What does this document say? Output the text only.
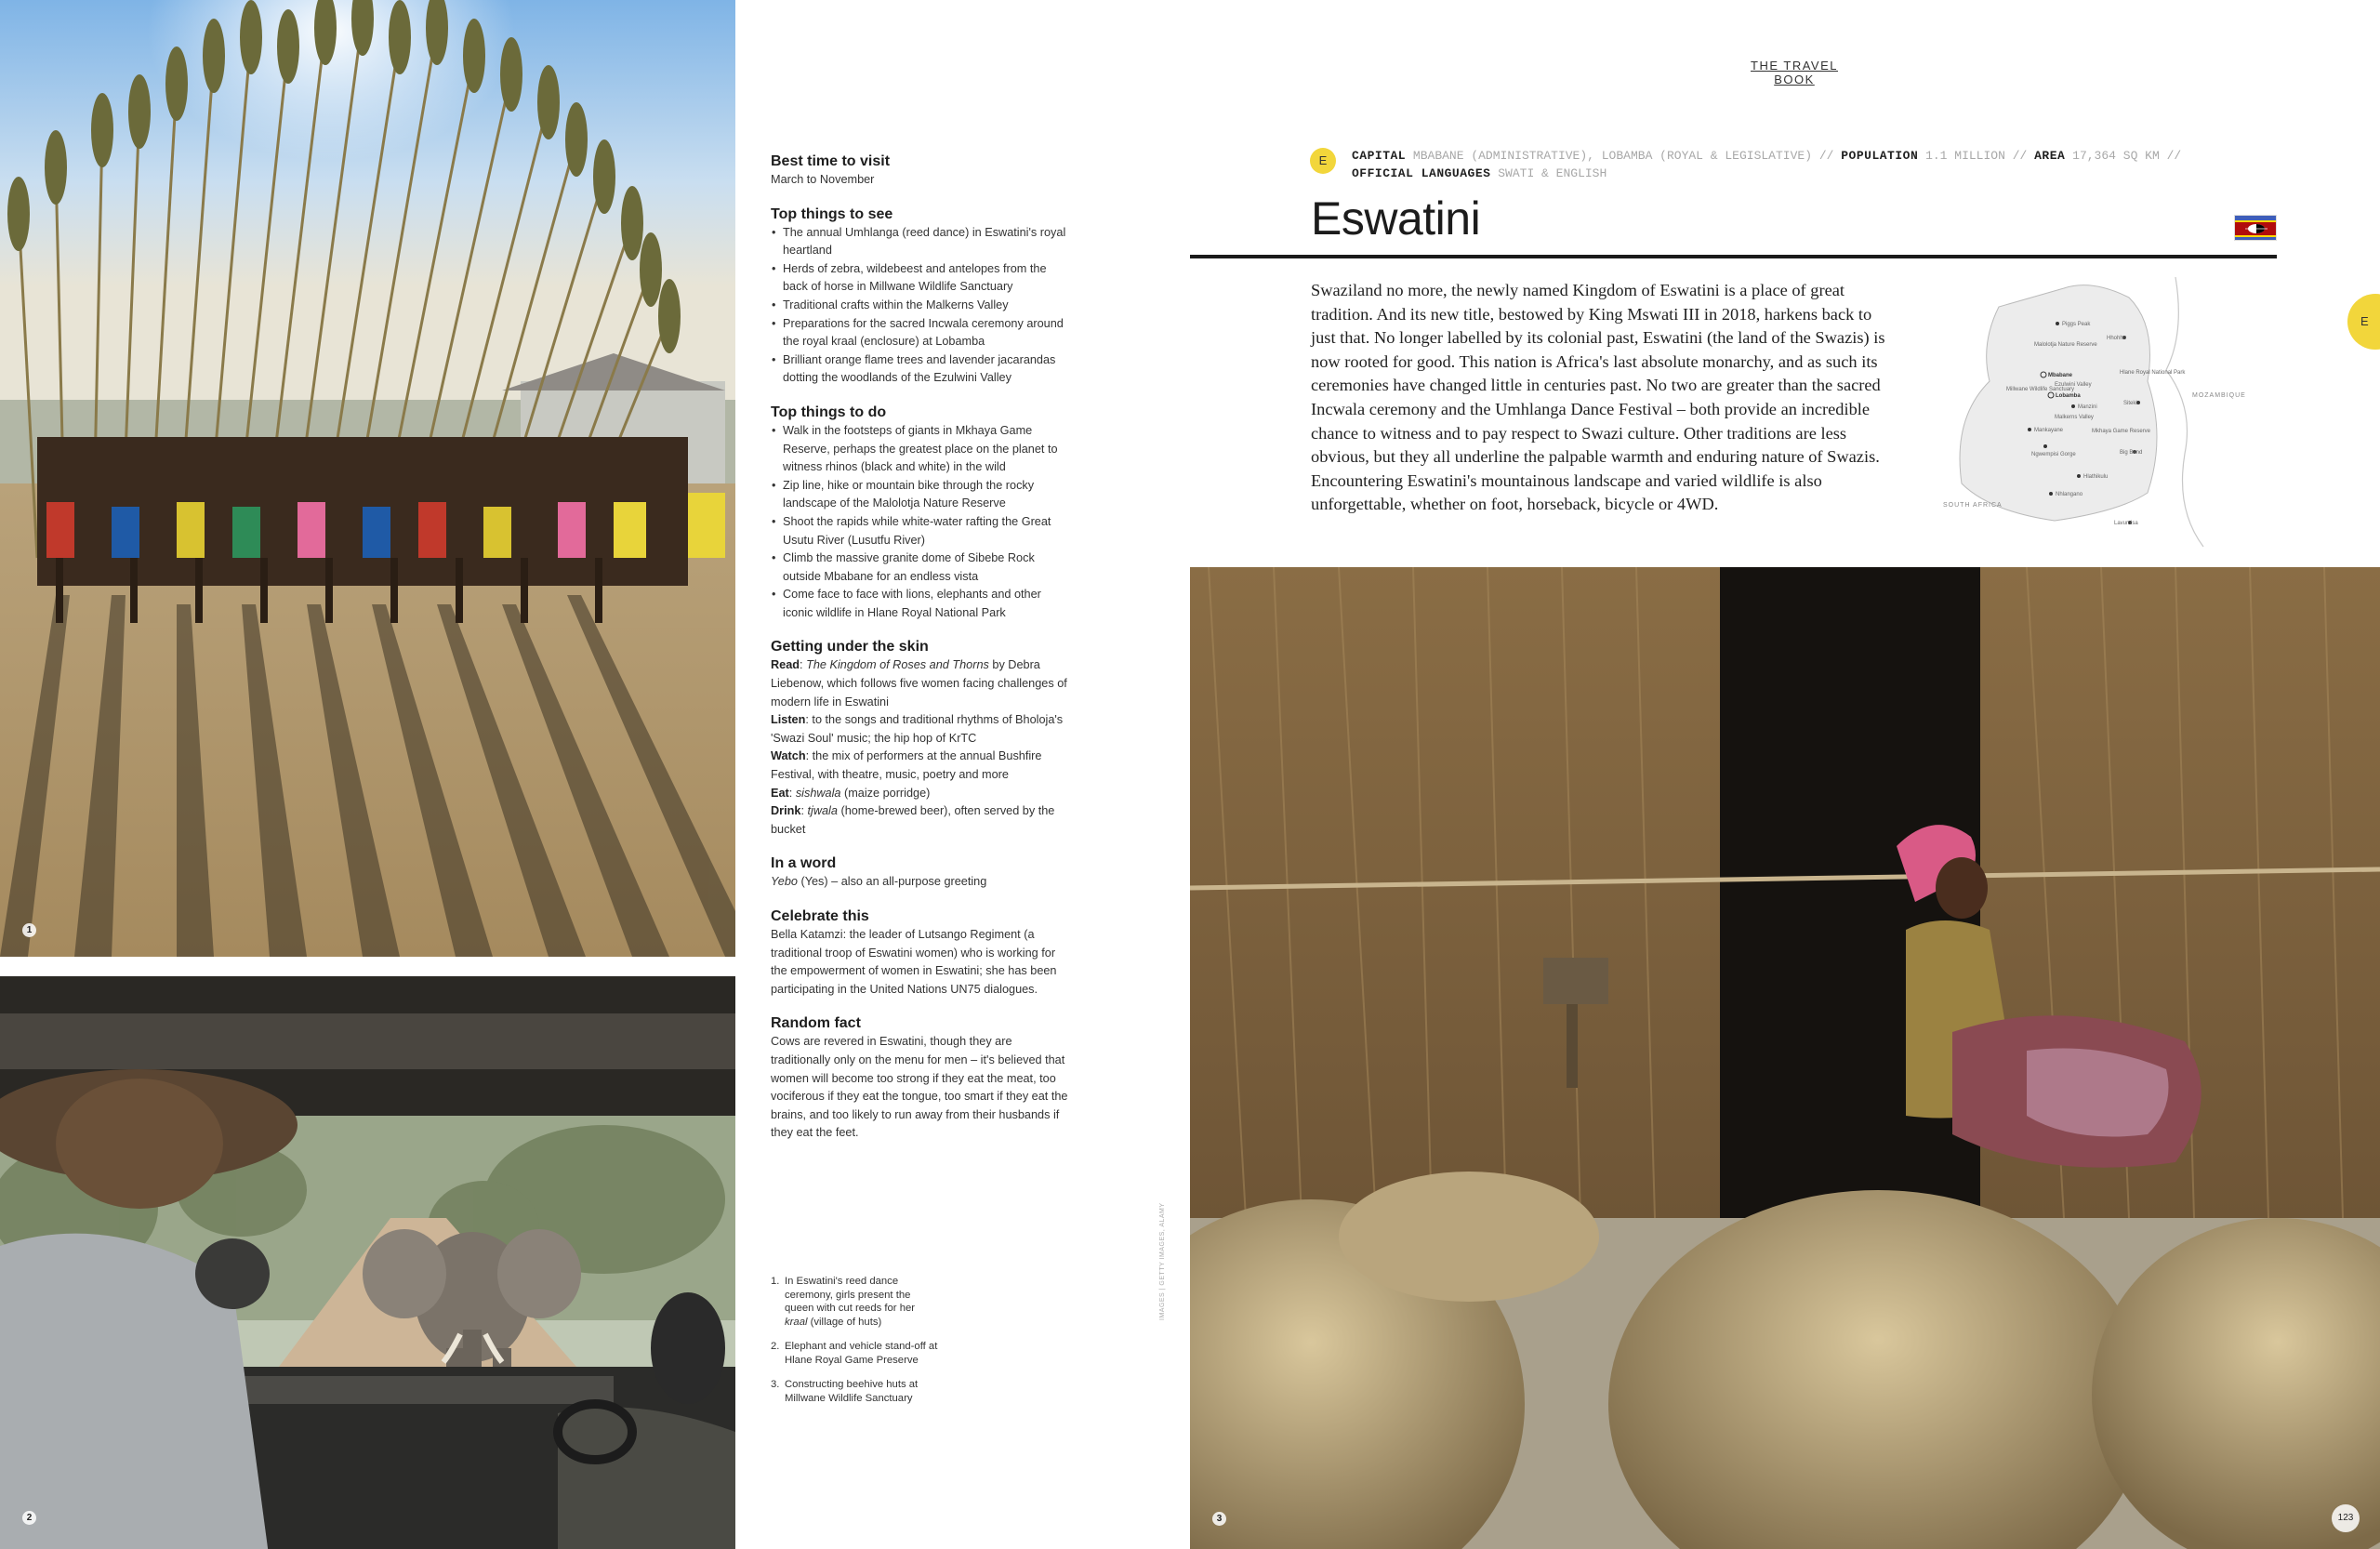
1
2
Best time to visit
March to November
Top things to see
• The annual Umhlanga (reed dance) in Eswatini's royal heartland
• Herds of zebra, wildebeest and antelopes from the back of horse in Millwane Wildlife Sanctuary
• Traditional crafts within the Malkerns Valley
• Preparations for the sacred Incwala ceremony around the royal kraal (enclosure) at Lobamba
• Brilliant orange flame trees and lavender jacarandas dotting the woodlands of the Ezulwini Valley
Top things to do
• Walk in the footsteps of giants in Mkhaya Game Reserve, perhaps the greatest place on the planet to witness rhinos (black and white) in the wild
• Zip line, hike or mountain bike through the rocky landscape of the Malolotja Nature Reserve
• Shoot the rapids while white-water rafting the Great Usutu River (Lusutfu River)
• Climb the massive granite dome of Sibebe Rock outside Mbabane for an endless vista
• Come face to face with lions, elephants and other iconic wildlife in Hlane Royal National Park
Getting under the skin
Read: The Kingdom of Roses and Thorns by Debra Liebenow, which follows five women facing challenges of modern life in Eswatini
Listen: to the songs and traditional rhythms of Bholoja's 'Swazi Soul' music; the hip hop of KrTC
Watch: the mix of performers at the annual Bushfire Festival, with theatre, music, poetry and more
Eat: sishwala (maize porridge)
Drink: tjwala (home-brewed beer), often served by the bucket
In a word
Yebo (Yes) – also an all-purpose greeting
Celebrate this
Bella Katamzi: the leader of Lutsango Regiment (a traditional troop of Eswatini women) who is working for the empowerment of women in Eswatini; she has been participating in the United Nations UN75 dialogues.
Random fact
Cows are revered in Eswatini, though they are traditionally only on the menu for men – it's believed that women will become too strong if they eat the meat, too vociferous if they eat the tongue, too smart if they eat the brains, and too likely to run away from their husbands if they eat the feet.
1. In Eswatini's reed dance ceremony, girls present the queen with cut reeds for her kraal (village of huts)
2. Elephant and vehicle stand-off at Hlane Royal Game Preserve
3. Constructing beehive huts at Millwane Wildlife Sanctuary
IMAGES | GETTY IMAGES, ALAMY
THE TRAVEL BOOK
E	CAPITAL MBABANE (ADMINISTRATIVE), LOBAMBA (ROYAL & LEGISLATIVE) // POPULATION 1.1 MILLION // AREA 17,364 SQ KM //
OFFICIAL LANGUAGES SWATI & ENGLISH
Eswatini
Swaziland no more, the newly named Kingdom of Eswatini is a place of great tradition. And its new title, bestowed by King Mswati III in 2018, harkens back to just that. No longer labelled by its colonial past, Eswatini (the land of the Swazis) is now rooted for good. This nation is Africa's last absolute monarchy, and as such its ceremonies have changed little in centuries past. No two are greater than the sacred Incwala ceremony and the Umhlanga Dance Festival – both provide an incredible chance to witness and to pay respect to Swazi culture. Other traditions are less obvious, but they all underline the palpable warmth and enduring nature of Swazis. Encountering Eswatini's mountainous landscape and varied wildlife is also unforgettable, whether on foot, horseback, bicycle or 4WD.	SOUTH AFRICA
MOZAMBIQUE
Piggs Peak
Hhohho
Malolotja Nature Reserve
Mbabane
Ezulwini Valley
Lobamba
Millwane Wildlife Sanctuary
Manzini
Malkerns Valley
Hlane Royal National Park
Siteki
Mankayane	Mkhaya Game Reserve
Ngwempisi Gorge	Big Bend
Hlathikulu
Nhlangano
Lavumisa
E
3	123
